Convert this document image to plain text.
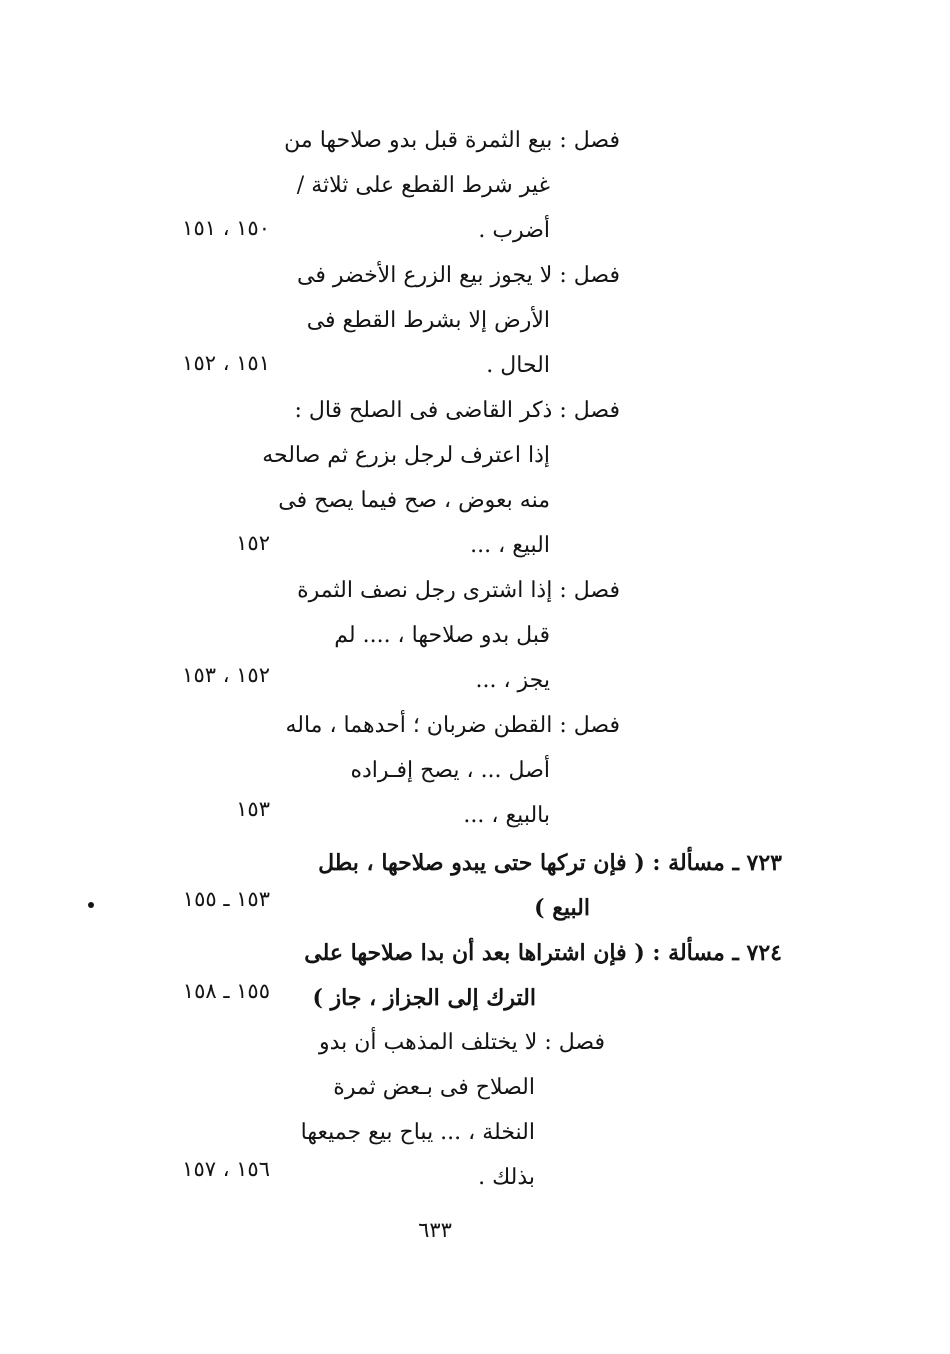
فصل : بيع الثمرة قبل بدو صلاحها من
غير شرط القطع على ثلاثة /
أضرب .
١٥٠ ، ١٥١
فصل : لا يجوز بيع الزرع الأخضر فى
الأرض إلا بشرط القطع فى
الحال .
١٥١ ، ١٥٢
فصل : ذكر القاضى فى الصلح قال :
إذا اعترف لرجل بزرع ثم صالحه
منه بعوض ، صح فيما يصح فى
البيع ، ...
١٥٢
فصل : إذا اشترى رجل نصف الثمرة
قبل بدو صلاحها ، .... لم
يجز ، ...
١٥٢ ، ١٥٣
فصل : القطن ضربان ؛ أحدهما ، ماله
أصل ... ، يصح إفـراده
بالبيع ، ...
١٥٣
٧٢٣ ـ مسألة : ( فإن تركها حتى يبدو صلاحها ، بطل
البيع )
١٥٣ ـ ١٥٥
٧٢٤ ـ مسألة : ( فإن اشتراها بعد أن بدا صلاحها على
الترك إلى الجزاز ، جاز )
١٥٥ ـ ١٥٨
فصل : لا يختلف المذهب أن بدو
الصلاح فى بـعض ثمرة
النخلة ، ... يباح بيع جميعها
بذلك .
١٥٦ ، ١٥٧
٦٣٣
